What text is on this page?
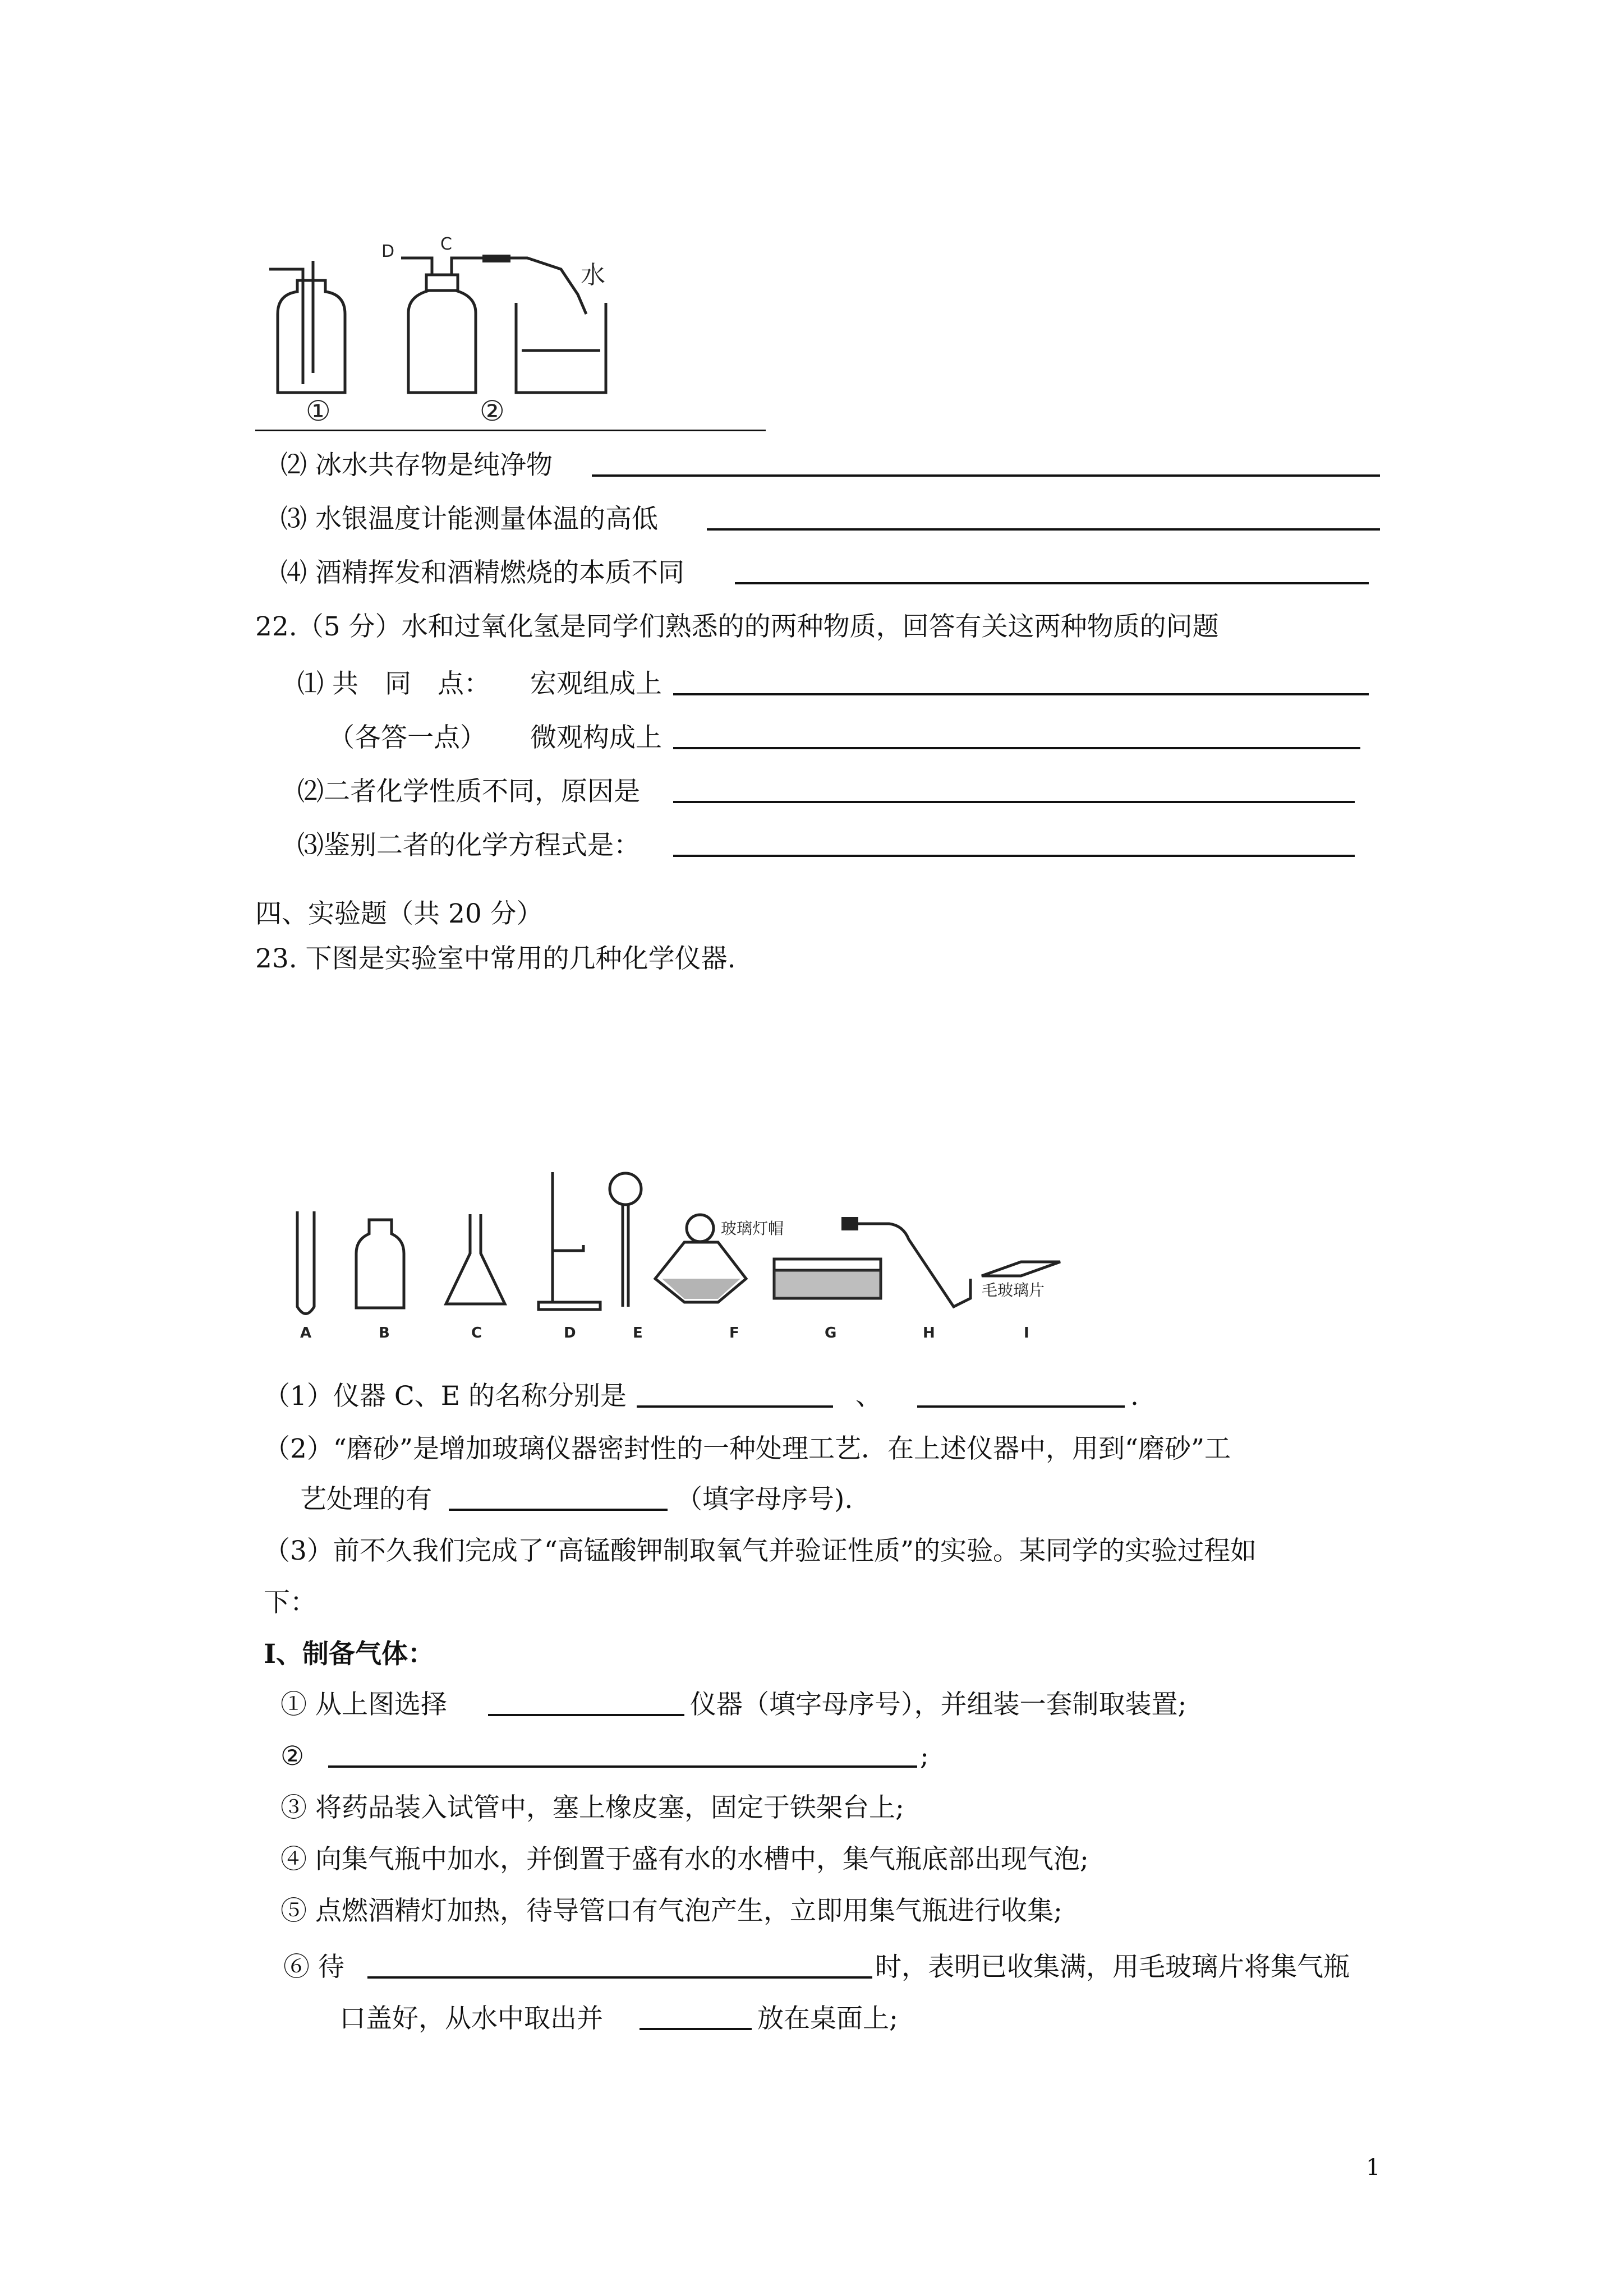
D	C
水
①	②
⑵ 冰水共存物是纯净物
⑶ 水银温度计能测量体温的高低
⑷ 酒精挥发和酒精燃烧的本质不同
22.（5 分）水和过氧化氢是同学们熟悉的的两种物质，回答有关这两种物质的问题
⑴ 共　同　点： 宏观组成上
（各答一点） 微观构成上
⑵二者化学性质不同，原因是
⑶鉴别二者的化学方程式是：
四、实验题（共 20 分）
23. 下图是实验室中常用的几种化学仪器.
玻璃灯帽
毛玻璃片
A	B	C	D	E	F	G	H	I
（1）仪器 C、E 的名称分别是	、	.
（2）“磨砂”是增加玻璃仪器密封性的一种处理工艺．在上述仪器中，用到“磨砂”工
艺处理的有	（填字母序号).
（3）前不久我们完成了“高锰酸钾制取氧气并验证性质”的实验。某同学的实验过程如
下：
Ⅰ、制备气体：
① 从上图选择	仪器（填字母序号），并组装一套制取装置;
②	;
③ 将药品装入试管中，塞上橡皮塞，固定于铁架台上;
④ 向集气瓶中加水，并倒置于盛有水的水槽中，集气瓶底部出现气泡;
⑤ 点燃酒精灯加热，待导管口有气泡产生，立即用集气瓶进行收集;
⑥ 待	时，表明已收集满，用毛玻璃片将集气瓶
口盖好，从水中取出并	放在桌面上;
1
